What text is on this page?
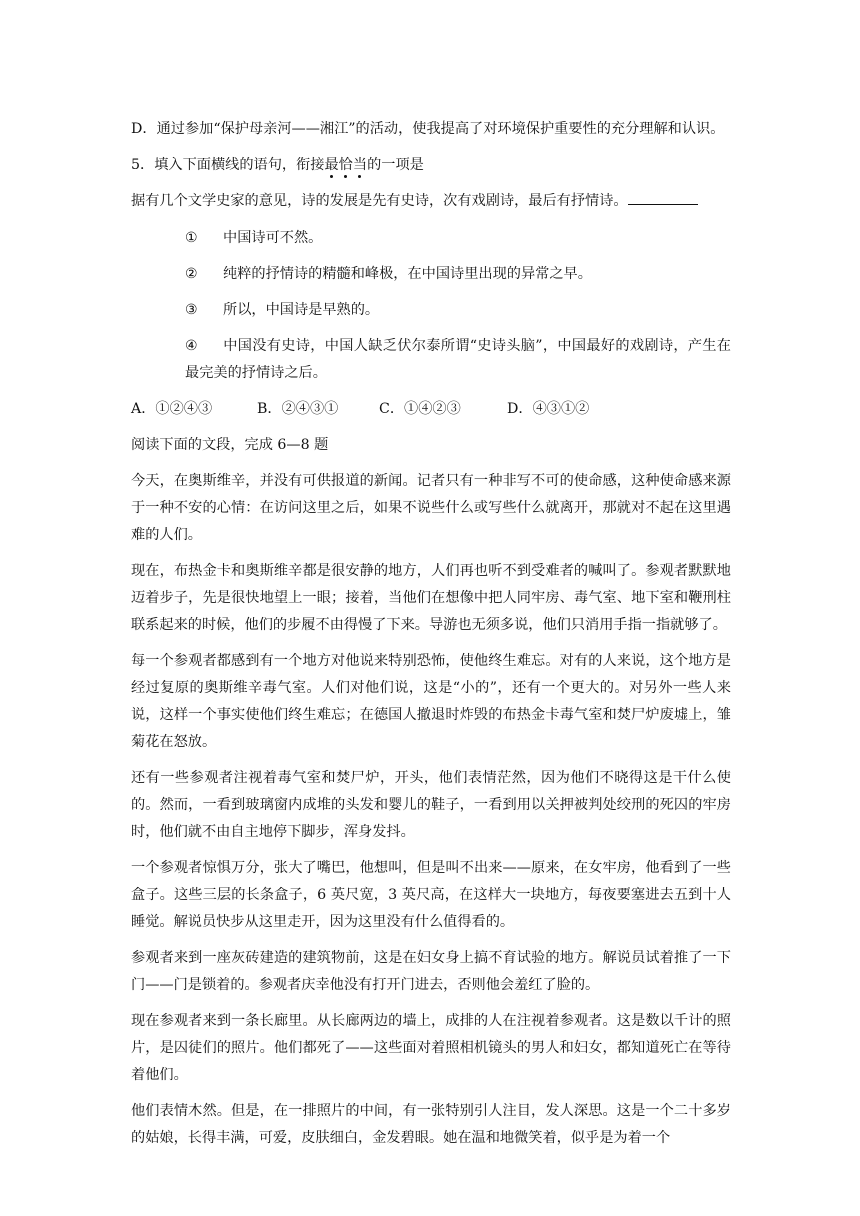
D．通过参加“保护母亲河——湘江”的活动，使我提高了对环境保护重要性的充分理解和认识。

5．填入下面横线的语句，衔接最恰当的一项是

据有几个文学史家的意见，诗的发展是先有史诗，次有戏剧诗，最后有抒情诗。

①	中国诗可不然。

②	纯粹的抒情诗的精髓和峰极，在中国诗里出现的异常之早。

③	所以，中国诗是早熟的。

④ 中国没有史诗，中国人缺乏伏尔泰所谓“史诗头脑”，中国最好的戏剧诗，产生在最完美的抒情诗之后。

A．①②④③	B．②④③①	C．①④②③	D．④③①②

阅读下面的文段，完成 6—8 题

今天，在奥斯维辛，并没有可供报道的新闻。记者只有一种非写不可的使命感，这种使命感来源于一种不安的心情：在访问这里之后，如果不说些什么或写些什么就离开，那就对不起在这里遇难的人们。

现在，布热金卡和奥斯维辛都是很安静的地方，人们再也听不到受难者的喊叫了。参观者默默地迈着步子，先是很快地望上一眼；接着，当他们在想像中把人同牢房、毒气室、地下室和鞭刑柱联系起来的时候，他们的步履不由得慢了下来。导游也无须多说，他们只消用手指一指就够了。

每一个参观者都感到有一个地方对他说来特别恐怖，使他终生难忘。对有的人来说，这个地方是经过复原的奥斯维辛毒气室。人们对他们说，这是“小的”，还有一个更大的。对另外一些人来说，这样一个事实使他们终生难忘；在德国人撤退时炸毁的布热金卡毒气室和焚尸炉废墟上，雏菊花在怒放。

还有一些参观者注视着毒气室和焚尸炉，开头，他们表情茫然，因为他们不晓得这是干什么使的。然而，一看到玻璃窗内成堆的头发和婴儿的鞋子，一看到用以关押被判处绞刑的死囚的牢房时，他们就不由自主地停下脚步，浑身发抖。

一个参观者惊惧万分，张大了嘴巴，他想叫，但是叫不出来——原来，在女牢房，他看到了一些盒子。这些三层的长条盒子，6 英尺宽，3 英尺高，在这样大一块地方，每夜要塞进去五到十人睡觉。解说员快步从这里走开，因为这里没有什么值得看的。

参观者来到一座灰砖建造的建筑物前，这是在妇女身上搞不育试验的地方。解说员试着推了一下门——门是锁着的。参观者庆幸他没有打开门进去，否则他会羞红了脸的。

现在参观者来到一条长廊里。从长廊两边的墙上，成排的人在注视着参观者。这是数以千计的照片，是囚徒们的照片。他们都死了——这些面对着照相机镜头的男人和妇女，都知道死亡在等待着他们。

他们表情木然。但是，在一排照片的中间，有一张特别引人注目，发人深思。这是一个二十多岁的姑娘，长得丰满，可爱，皮肤细白，金发碧眼。她在温和地微笑着，似乎是为着一个
